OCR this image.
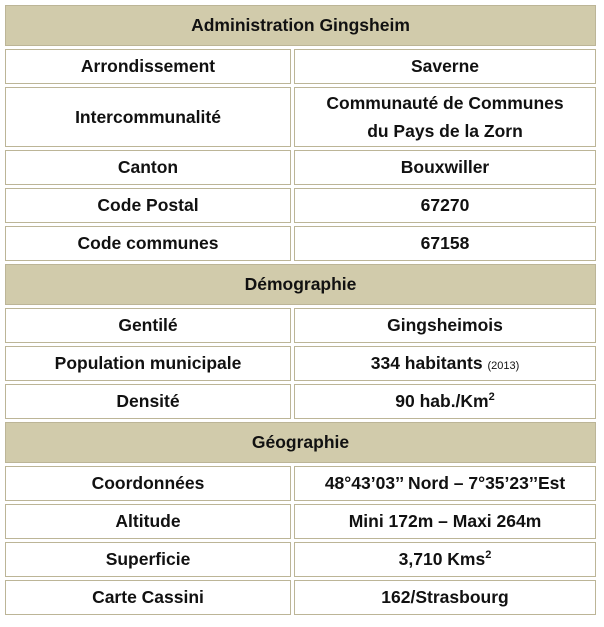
Administration Gingsheim	
Arrondissement	Saverne
Intercommunalité	Communauté de Communes
du Pays de la Zorn
Canton	Bouxwiller
Code Postal	67270
Code communes	67158
Démographie	
Gentilé	Gingsheimois
Population municipale	334 habitants (2013)
Densité	90 hab./Km$^2$
Géographie	
Coordonnées	48°43’03’’ Nord – 7°35’23’’Est
Altitude	Mini 172m – Maxi 264m
Superficie	3,710 Kms$^2$
Carte Cassini	162/Strasbourg
